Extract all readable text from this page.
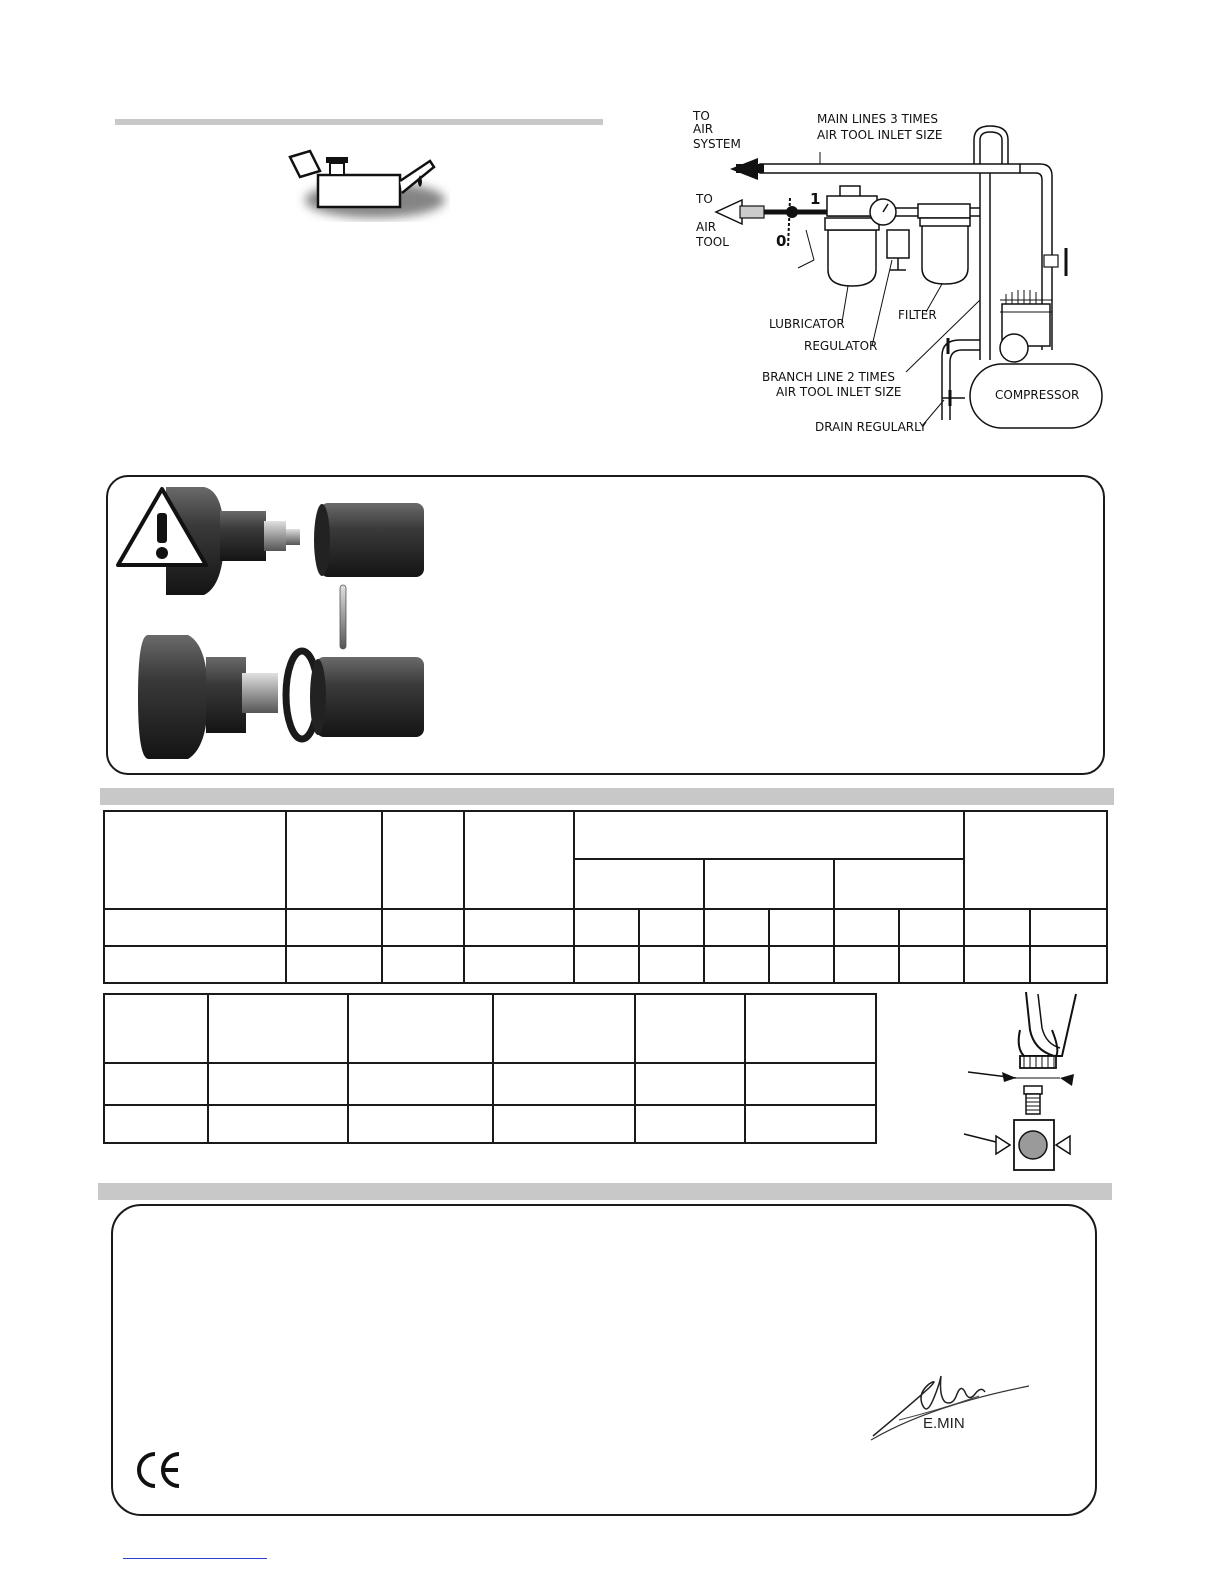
TO
AIR
SYSTEM
MAIN LINES 3 TIMES
AIR TOOL INLET SIZE
TO
AIR
TOOL
1
0
LUBRICATOR
REGULATOR
FILTER
BRANCH LINE 2 TIMES
AIR TOOL INLET SIZE	COMPRESSOR
DRAIN REGULARLY

E.MIN
